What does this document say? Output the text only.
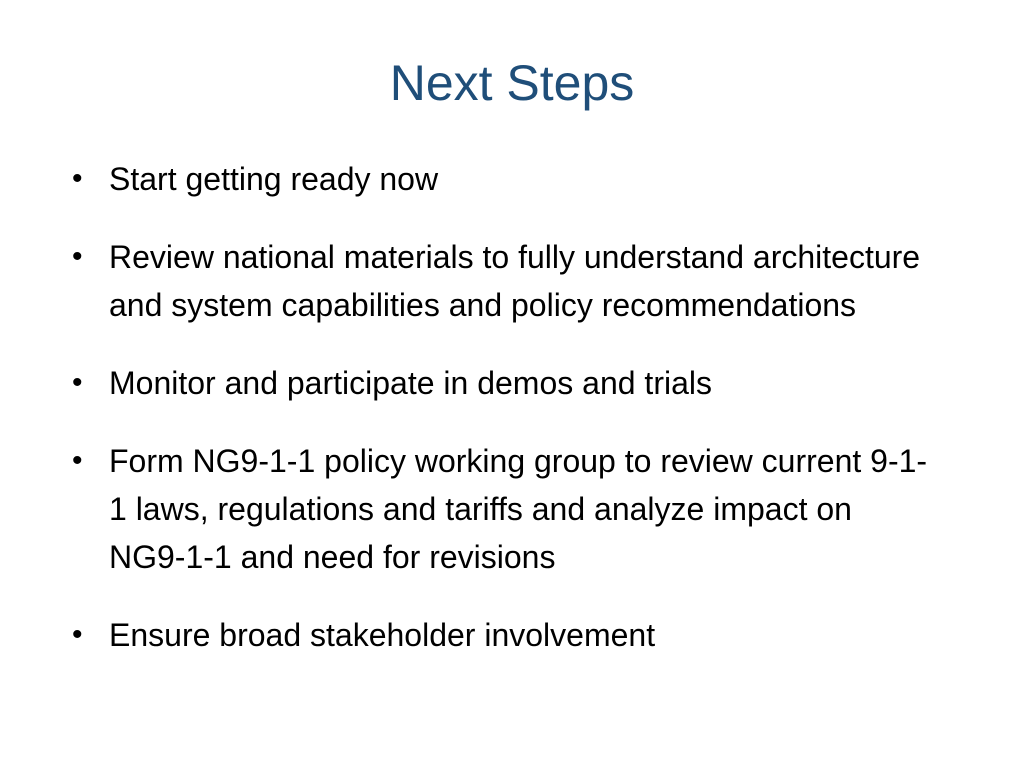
Next Steps
• Start getting ready now
• Review national materials to fully understand architecture and system capabilities and policy recommendations
• Monitor and participate in demos and trials
• Form NG9-1-1 policy working group to review current 9-1-1 laws, regulations and tariffs and analyze impact on NG9-1-1 and need for revisions
• Ensure broad stakeholder involvement
